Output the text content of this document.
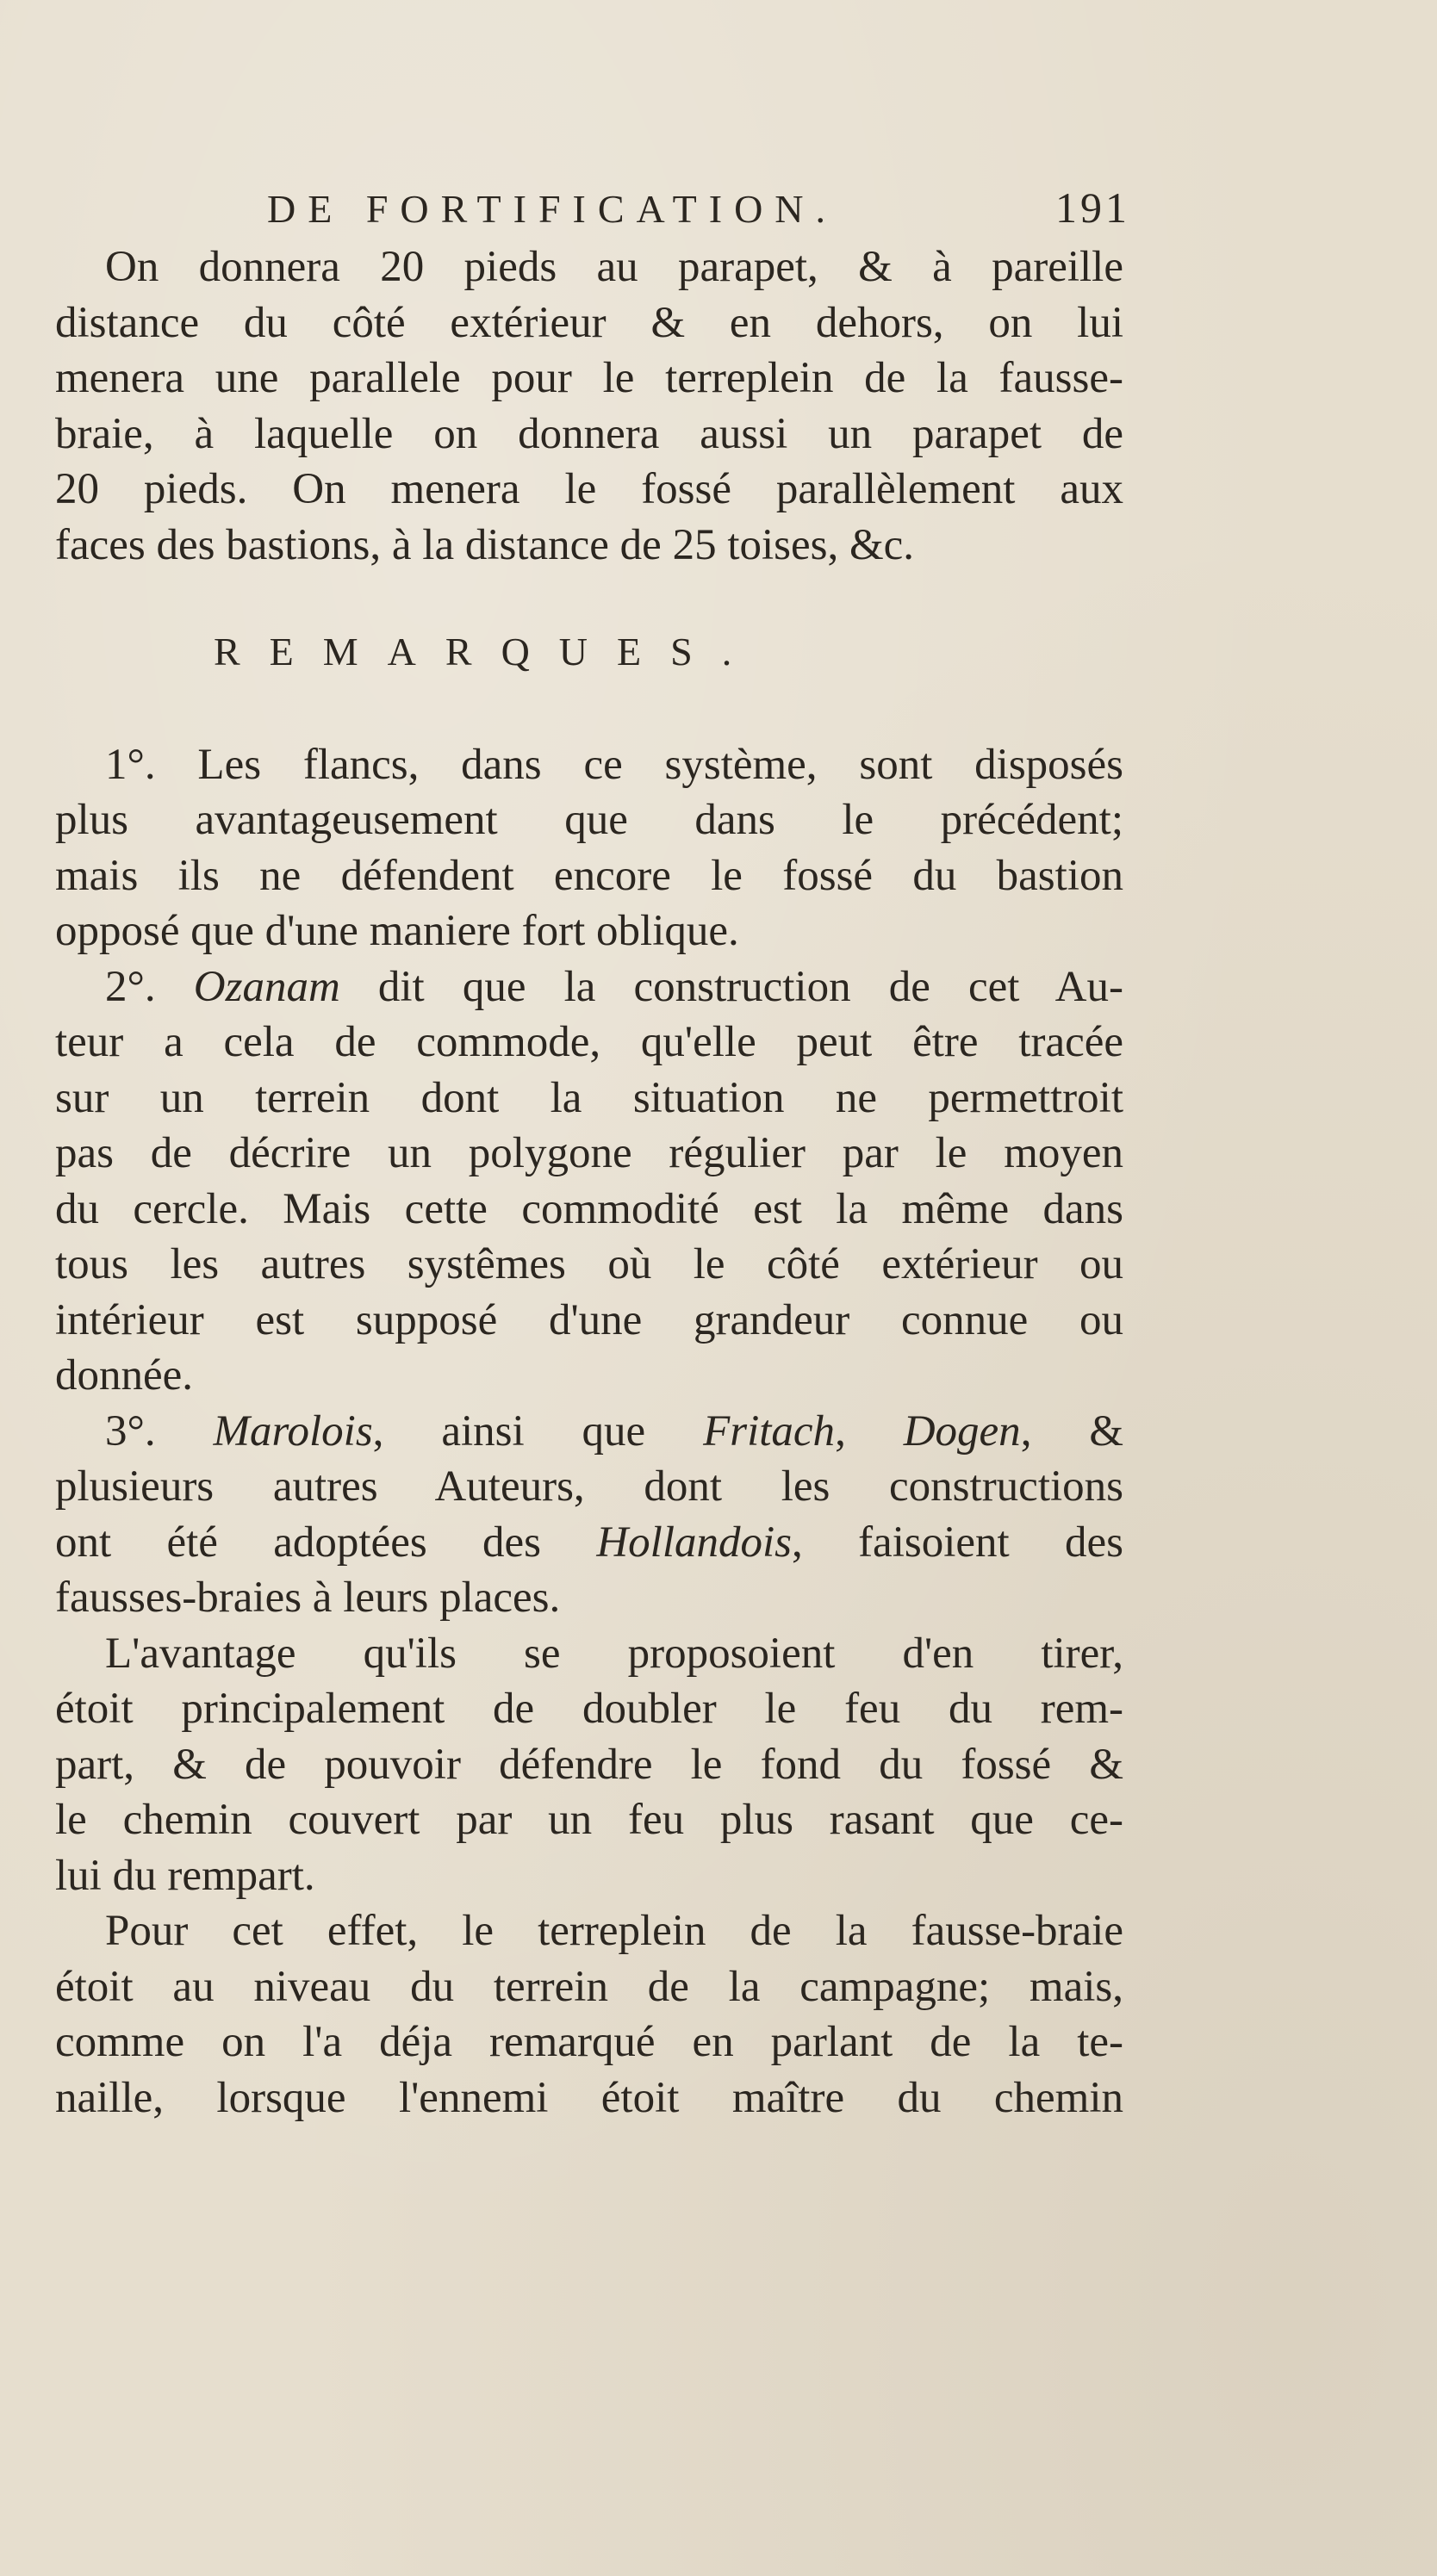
DE FORTIFICATION.	191

On donnera 20 pieds au parapet, & à pareille
distance du côté extérieur & en dehors, on lui
menera une parallele pour le terreplein de la fausse-
braie, à laquelle on donnera aussi un parapet de
20 pieds. On menera le fossé parallèlement aux
faces des bastions, à la distance de 25 toises, &c.

REMARQUES.

1°. Les flancs, dans ce système, sont disposés
plus avantageusement que dans le précédent;
mais ils ne défendent encore le fossé du bastion
opposé que d'une maniere fort oblique.

2°. Ozanam dit que la construction de cet Au-
teur a cela de commode, qu'elle peut être tracée
sur un terrein dont la situation ne permettroit
pas de décrire un polygone régulier par le moyen
du cercle. Mais cette commodité est la même dans
tous les autres systêmes où le côté extérieur ou
intérieur est supposé d'une grandeur connue ou
donnée.

3°. Marolois, ainsi que Fritach, Dogen, &
plusieurs autres Auteurs, dont les constructions
ont été adoptées des Hollandois, faisoient des
fausses-braies à leurs places.

L'avantage qu'ils se proposoient d'en tirer,
étoit principalement de doubler le feu du rem-
part, & de pouvoir défendre le fond du fossé &
le chemin couvert par un feu plus rasant que ce-
lui du rempart.

Pour cet effet, le terreplein de la fausse-braie
étoit au niveau du terrein de la campagne; mais,
comme on l'a déja remarqué en parlant de la te-
naille, lorsque l'ennemi étoit maître du chemin
